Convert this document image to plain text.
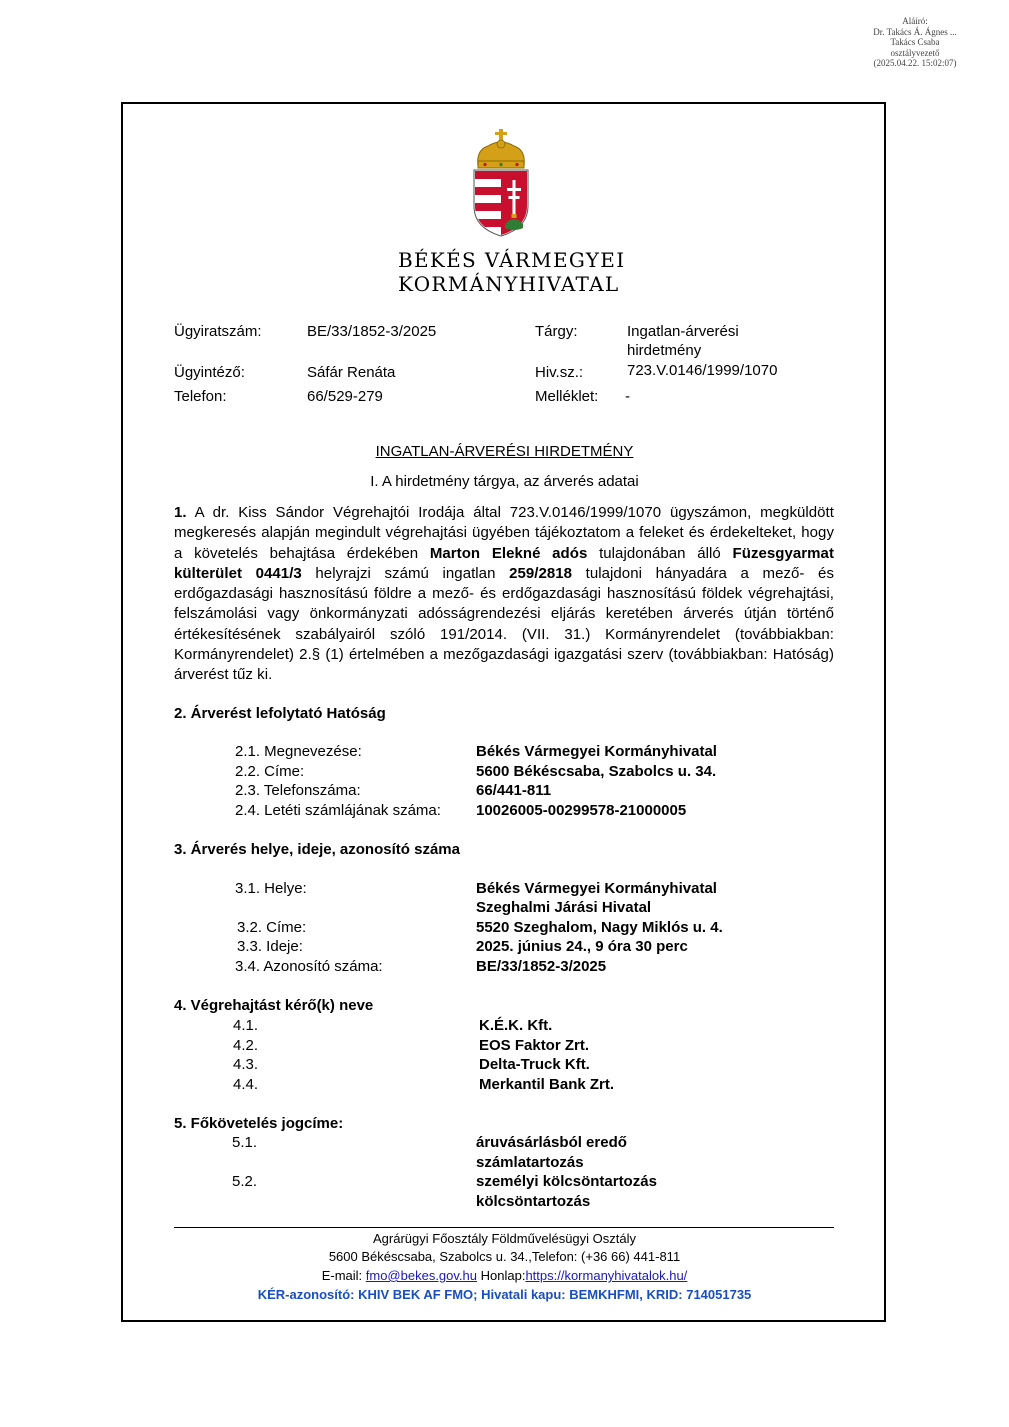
Aláíró:
Dr. Takács Á. Ágnes ...
Takács Csaba
osztályvezető
(2025.04.22. 15:02:07)
BÉKÉS VÁRMEGYEI
KORMÁNYHIVATAL
Ügyiratszám:	BE/33/1852-3/2025
Ügyintéző:	Sáfár Renáta
Telefon:	66/529-279
Tárgy:	Ingatlan-árverési
hirdetmény
Hiv.sz.:	723.V.0146/1999/1070
Melléklet: -
INGATLAN-ÁRVERÉSI HIRDETMÉNY
I. A hirdetmény tárgya, az árverés adatai
1. A dr. Kiss Sándor Végrehajtói Irodája által 723.V.0146/1999/1070 ügyszámon, megküldött megkeresés alapján megindult végrehajtási ügyében tájékoztatom a feleket és érdekelteket, hogy a követelés behajtása érdekében Marton Elekné adós tulajdonában álló Füzesgyarmat külterület 0441/3 helyrajzi számú ingatlan 259/2818 tulajdoni hányadára a mező- és erdőgazdasági hasznosítású földre a mező- és erdőgazdasági hasznosítású földek végrehajtási, felszámolási vagy önkormányzati adósságrendezési eljárás keretében árverés útján történő értékesítésének szabályairól szóló 191/2014. (VII. 31.) Kormányrendelet (továbbiakban: Kormányrendelet) 2.§ (1) értelmében a mezőgazdasági igazgatási szerv (továbbiakban: Hatóság) árverést tűz ki.
2. Árverést lefolytató Hatóság
2.1. Megnevezése:	Békés Vármegyei Kormányhivatal
2.2. Címe:	5600 Békéscsaba, Szabolcs u. 34.
2.3. Telefonszáma:	66/441-811
2.4. Letéti számlájának száma: 10026005-00299578-21000005
3. Árverés helye, ideje, azonosító száma
3.1. Helye:	Békés Vármegyei Kormányhivatal
Szeghalmi Járási Hivatal
3.2. Címe:	5520 Szeghalom, Nagy Miklós u. 4.
3.3. Ideje:	2025. június 24., 9 óra 30 perc
3.4. Azonosító száma:	BE/33/1852-3/2025
4. Végrehajtást kérő(k) neve
4.1.	K.É.K. Kft.
4.2.	EOS Faktor Zrt.
4.3.	Delta-Truck Kft.
4.4.	Merkantil Bank Zrt.
5. Főkövetelés jogcíme:
5.1.	áruvásárlásból eredő
számlatartozás
5.2.	személyi kölcsöntartozás
kölcsöntartozás
Agrárügyi Főosztály Földművelésügyi Osztály
5600 Békéscsaba, Szabolcs u. 34.,Telefon: (+36 66) 441-811
E-mail: fmo@bekes.gov.hu Honlap:https://kormanyhivatalok.hu/
KÉR-azonosító: KHIV BEK AF FMO; Hivatali kapu: BEMKHFMI, KRID: 714051735
